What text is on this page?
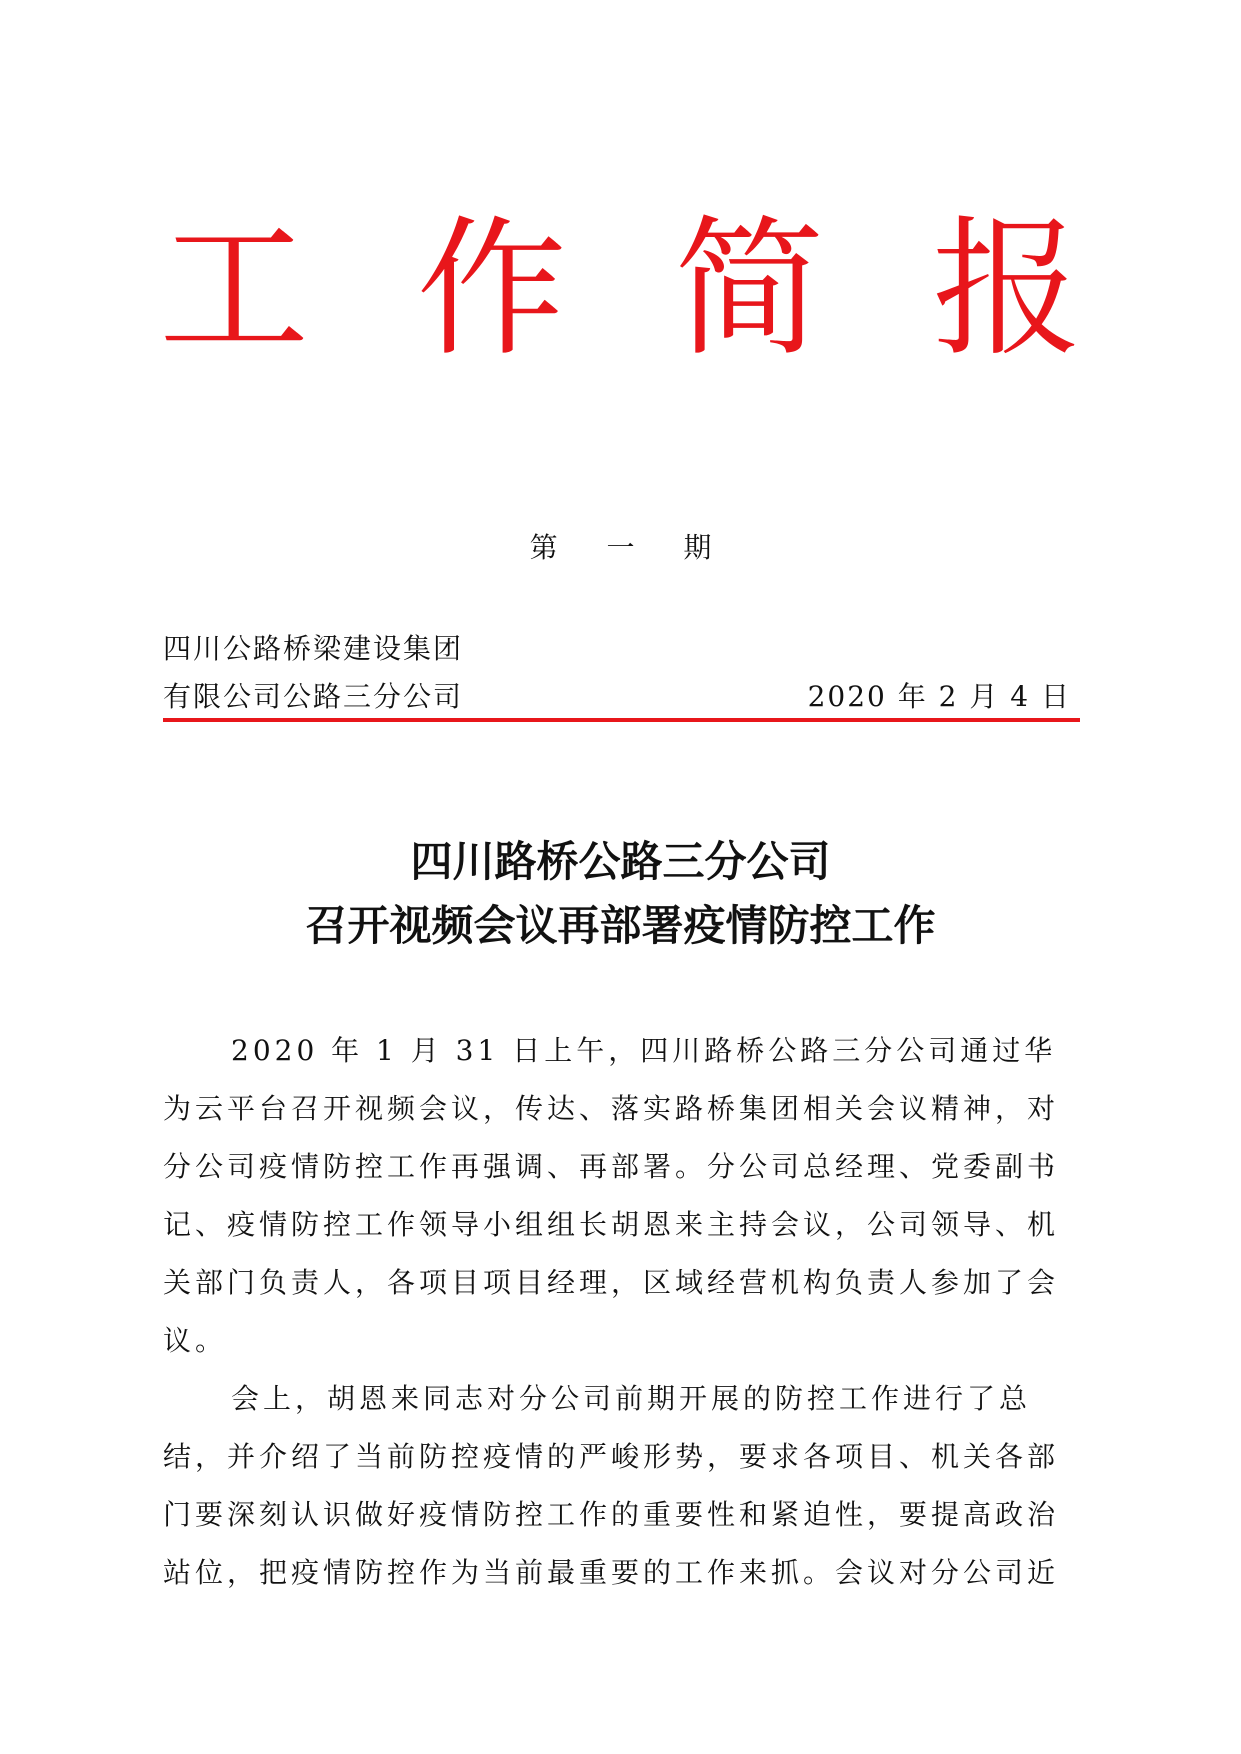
工 作 简 报
第 一 期
四川公路桥梁建设集团
有限公司公路三分公司	2020 年 2 月 4 日
四川路桥公路三分公司
召开视频会议再部署疫情防控工作

2020 年 1 月 31 日上午，四川路桥公路三分公司通过华为云平台召开视频会议，传达、落实路桥集团相关会议精神，对分公司疫情防控工作再强调、再部署。分公司总经理、党委副书记、疫情防控工作领导小组组长胡恩来主持会议，公司领导、机关部门负责人，各项目项目经理，区域经营机构负责人参加了会议。

会上，胡恩来同志对分公司前期开展的防控工作进行了总结，并介绍了当前防控疫情的严峻形势，要求各项目、机关各部门要深刻认识做好疫情防控工作的重要性和紧迫性，要提高政治站位，把疫情防控作为当前最重要的工作来抓。会议对分公司近
